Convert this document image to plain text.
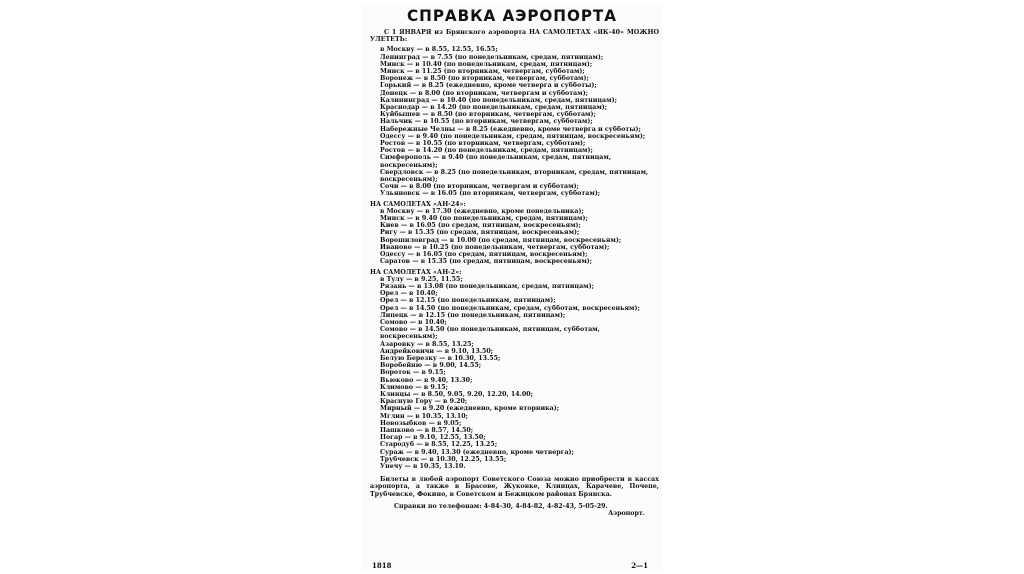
СПРАВКА АЭРОПОРТА
С 1 ЯНВАРЯ из Брянского аэропорта НА САМОЛЕТАХ «ЯК-40» МОЖНО УЛЕТЕТЬ:
в Москву — в 8.55, 12.55, 16.55;
Ленинград — в 7.55 (по понедельникам, средам, пятницам);
Минск — в 10.40 (по понедельникам, средам, пятницам);
Минск — в 11.25 (по вторникам, четвергам, субботам);
Воронеж — в 8.50 (по вторникам, четвергам, субботам);
Горький — в 8.25 (ежедневно, кроме четверга и субботы);
Донецк — в 8.00 (по вторникам, четвергам и субботам);
Калининград — в 10.40 (по понедельникам, средам, пятницам);
Краснодар — в 14.20 (по понедельникам, средам, пятницам);
Куйбышев — в 8.50 (по вторникам, четвергам, субботам);
Нальчик — в 10.55 (по вторникам, четвергам, субботам);
Набережные Челны — в 8.25 (ежедневно, кроме четверга и субботы);
Одессу — в 9.40 (по понедельникам, средам, пятницам, воскресеньям);
Ростов — в 10.55 (по вторникам, четвергам, субботам);
Ростов — в 14.20 (по понедельникам, средам, пятницам);
Симферополь — в 9.40 (по понедельникам, средам, пятницам, воскресеньям);
Свердловск — в 8.25 (по понедельникам, вторникам, средам, пятницам, воскресеньям);
Сочи — в 8.00 (по вторникам, четвергам и субботам);
Ульяновск — в 16.05 (по вторникам, четвергам, субботам);
НА САМОЛЕТАХ «АН-24»:
в Москву — в 17.30 (ежедневно, кроме понедельника);
Минск — в 9.40 (по понедельникам, средам, пятницам);
Киев — в 16.05 (по средам, пятницам, воскресеньям);
Ригу — в 15.35 (по средам, пятницам, воскресеньям);
Ворошиловград — в 10.00 (по средам, пятницам, воскресеньям);
Иваново — в 10.25 (по понедельникам, четвергам, субботам);
Одессу — в 16.05 (по средам, пятницам, воскресеньям);
Саратов — в 15.35 (по средам, пятницам, воскресеньям);
НА САМОЛЕТАХ «АН-2»:
в Тулу — в 9.25, 11.55;
Рязань — в 13.08 (по понедельникам, средам, пятницам);
Орел — в 10.40;
Орел — в 12.15 (по понедельникам, пятницам);
Орел — в 14.50 (по понедельникам, средам, субботам, воскресеньям);
Липецк — в 12.15 (по понедельникам, пятницам);
Сомово — в 10.40;
Сомово — в 14.50 (по понедельникам, пятницам, субботам, воскресеньям);
Азаровку — в 8.55, 13.25;
Андрейковичи — в 9.10, 13.50;
Белую Березку — в 10.30, 13.55;
Воробейню — в 9.00, 14.55;
Вороток — в 9.15;
Вьюково — в 9.40, 13.30;
Климово — в 9.15;
Клинцы — в 8.50, 9.05, 9.20, 12.20, 14.00;
Красную Гору — в 9.20;
Мирный — в 9.20 (ежедневно, кроме вторника);
Мглин — в 10.35, 13.10;
Новозыбков — в 9.05;
Пашково — в 8.57, 14.50;
Погар — в 9.10, 12.55, 13.50;
Стародуб — в 8.55, 12.25, 13.25;
Сураж — в 9.40, 13.30 (ежедневно, кроме четверга);
Трубчевск — в 10.30, 12.25, 13.55;
Унечу — в 10.35, 13.10.
Билеты в любой аэропорт Советского Союза можно приобрести в кассах аэропорта, а также в Брасове, Жуковке, Клинцах, Карачеве, Почепе, Трубчевске, Фокино, в Советском и Бежицком районах Брянска.
Справки по телефонам: 4-84-30, 4-84-82, 4-82-43, 5-05-29.
Аэропорт.
1818	2—1
